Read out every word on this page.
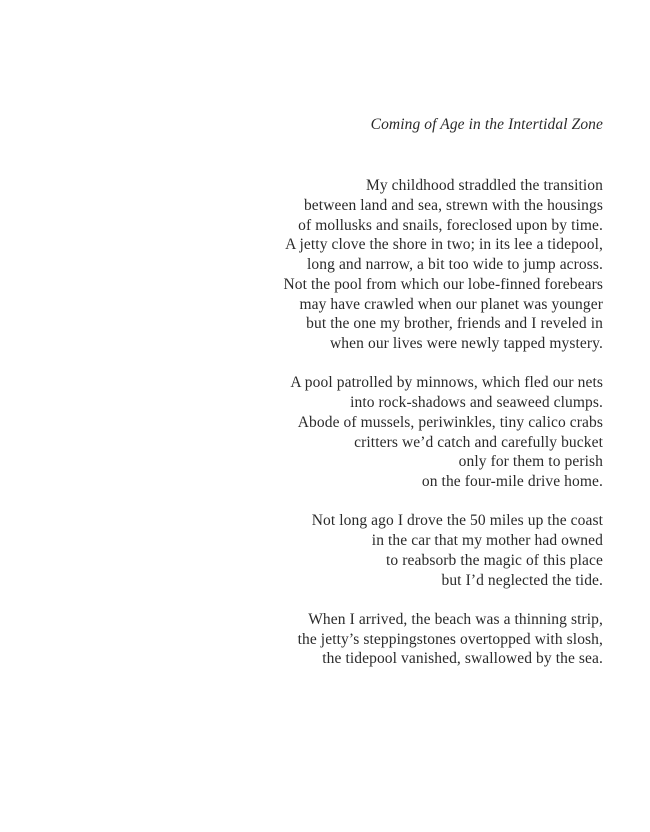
Coming of Age in the Intertidal Zone
My childhood straddled the transition
between land and sea, strewn with the housings
of mollusks and snails, foreclosed upon by time.
A jetty clove the shore in two; in its lee a tidepool,
long and narrow, a bit too wide to jump across.
Not the pool from which our lobe-finned forebears
may have crawled when our planet was younger
but the one my brother, friends and I reveled in
when our lives were newly tapped mystery.
A pool patrolled by minnows, which fled our nets
into rock-shadows and seaweed clumps.
Abode of mussels, periwinkles, tiny calico crabs
critters we’d catch and carefully bucket
only for them to perish
on the four-mile drive home.
Not long ago I drove the 50 miles up the coast
in the car that my mother had owned
to reabsorb the magic of this place
but I’d neglected the tide.
When I arrived, the beach was a thinning strip,
the jetty’s steppingstones overtopped with slosh,
the tidepool vanished, swallowed by the sea.
